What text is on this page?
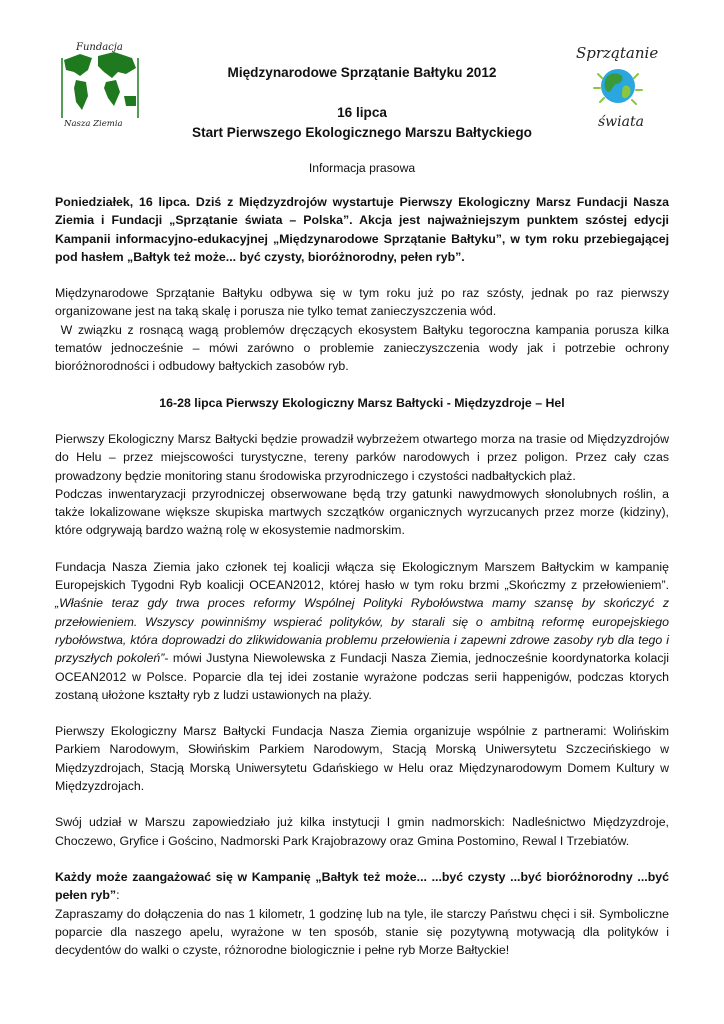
Fundacja
Nasza Ziemia
Sprzątanie
świata
Międzynarodowe Sprzątanie Bałtyku 2012
16 lipca
Start Pierwszego Ekologicznego Marszu Bałtyckiego
Informacja prasowa

Poniedziałek, 16 lipca. Dziś z Międzyzdrojów wystartuje Pierwszy Ekologiczny Marsz Fundacji Nasza Ziemia i Fundacji „Sprzątanie świata – Polska”. Akcja jest najważniejszym punktem szóstej edycji Kampanii informacyjno-edukacyjnej „Międzynarodowe Sprzątanie Bałtyku”, w tym roku przebiegającej pod hasłem „Bałtyk też może... być czysty, bioróżnorodny, pełen ryb”.

Międzynarodowe Sprzątanie Bałtyku odbywa się w tym roku już po raz szósty, jednak po raz pierwszy organizowane jest na taką skalę i porusza nie tylko temat zanieczyszczenia wód.
W związku z rosnącą wagą problemów dręczących ekosystem Bałtyku tegoroczna kampania porusza kilka tematów jednocześnie – mówi zarówno o problemie zanieczyszczenia wody jak i potrzebie ochrony bioróżnorodności i odbudowy bałtyckich zasobów ryb.

16-28 lipca Pierwszy Ekologiczny Marsz Bałtycki - Międzyzdroje – Hel

Pierwszy Ekologiczny Marsz Bałtycki będzie prowadził wybrzeżem otwartego morza na trasie od Międzyzdrojów do Helu – przez miejscowości turystyczne, tereny parków narodowych i przez poligon. Przez cały czas prowadzony będzie monitoring stanu środowiska przyrodniczego i czystości nadbałtyckich plaż.

Podczas inwentaryzacji przyrodniczej obserwowane będą trzy gatunki nawydmowych słonolubnych roślin, a także lokalizowane większe skupiska martwych szczątków organicznych wyrzucanych przez morze (kidziny), które odgrywają bardzo ważną rolę w ekosystemie nadmorskim.

Fundacja Nasza Ziemia jako członek tej koalicji włącza się Ekologicznym Marszem Bałtyckim w kampanię Europejskich Tygodni Ryb koalicji OCEAN2012, której hasło w tym roku brzmi „Skończmy z przełowieniem”. „Właśnie teraz gdy trwa proces reformy Wspólnej Polityki Rybołówstwa mamy szansę by skończyć z przełowieniem. Wszyscy powinniśmy wspierać polityków, by starali się o ambitną reformę europejskiego rybołówstwa, która doprowadzi do zlikwidowania problemu przełowienia i zapewni zdrowe zasoby ryb dla tego i przyszłych pokoleń”- mówi Justyna Niewolewska z Fundacji Nasza Ziemia, jednocześnie koordynatorka kolacji OCEAN2012 w Polsce. Poparcie dla tej idei zostanie wyrażone podczas serii happenigów, podczas ktorych zostaną ułożone kształty ryb z ludzi ustawionych na plaży.

Pierwszy Ekologiczny Marsz Bałtycki Fundacja Nasza Ziemia organizuje wspólnie z partnerami: Wolińskim Parkiem Narodowym, Słowińskim Parkiem Narodowym, Stacją Morską Uniwersytetu Szczecińskiego w Międzyzdrojach, Stacją Morską Uniwersytetu Gdańskiego w Helu oraz Międzynarodowym Domem Kultury w Międzyzdrojach.

Swój udział w Marszu zapowiedziało już kilka instytucji I gmin nadmorskich: Nadleśnictwo Międzyzdroje, Choczewo, Gryfice i Gościno, Nadmorski Park Krajobrazowy oraz Gmina Postomino, Rewal I Trzebiatów.

Każdy może zaangażować się w Kampanię „Bałtyk też może... ...być czysty ...być bioróżnorodny ...być pełen ryb”:
Zapraszamy do dołączenia do nas 1 kilometr, 1 godzinę lub na tyle, ile starczy Państwu chęci i sił. Symboliczne poparcie dla naszego apelu, wyrażone w ten sposób, stanie się pozytywną motywacją dla polityków i decydentów do walki o czyste, różnorodne biologicznie i pełne ryb Morze Bałtyckie!
